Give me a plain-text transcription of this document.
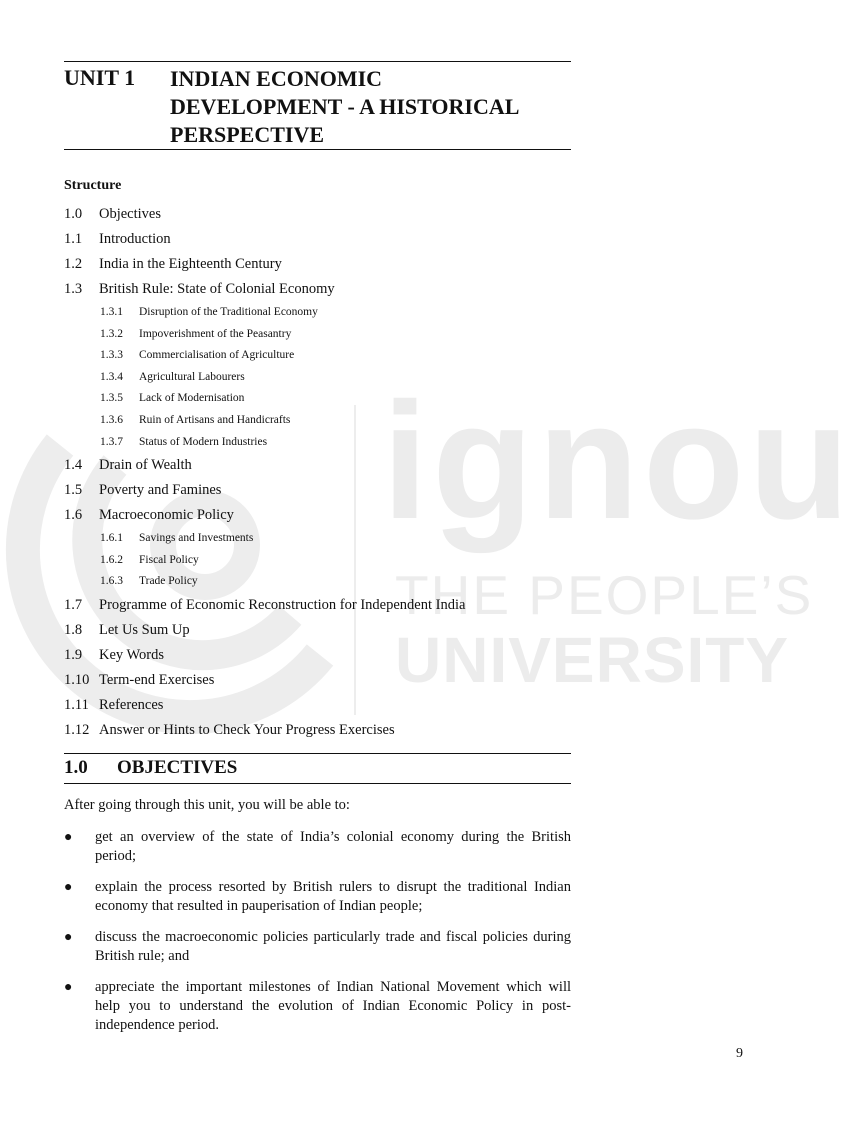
ignou
THE PEOPLE’S
UNIVERSITY
UNIT 1 INDIAN ECONOMIC
DEVELOPMENT - A HISTORICAL
PERSPECTIVE
Structure
1.0	Objectives
1.1	Introduction
1.2	India in the Eighteenth Century
1.3	British Rule: State of Colonial Economy
1.3.1	Disruption of the Traditional Economy
1.3.2	Impoverishment of the Peasantry
1.3.3	Commercialisation of Agriculture
1.3.4	Agricultural Labourers
1.3.5	Lack of Modernisation
1.3.6	Ruin of Artisans and Handicrafts
1.3.7	Status of Modern Industries
1.4	Drain of Wealth
1.5	Poverty and Famines
1.6	Macroeconomic Policy
1.6.1	Savings and Investments
1.6.2	Fiscal Policy
1.6.3	Trade Policy
1.7	Programme of Economic Reconstruction for Independent India
1.8	Let Us Sum Up
1.9	Key Words
1.10 Term-end Exercises
1.11 References
1.12 Answer or Hints to Check Your Progress Exercises
1.0 OBJECTIVES
After going through this unit, you will be able to:
●	get an overview of the state of India’s colonial economy during the British period;
●	explain the process resorted by British rulers to disrupt the traditional Indian economy that resulted in pauperisation of Indian people;
●	discuss the macroeconomic policies particularly trade and fiscal policies during British rule; and
●	appreciate the important milestones of Indian National Movement which will help you to understand the evolution of Indian Economic Policy in post-independence period.
9
